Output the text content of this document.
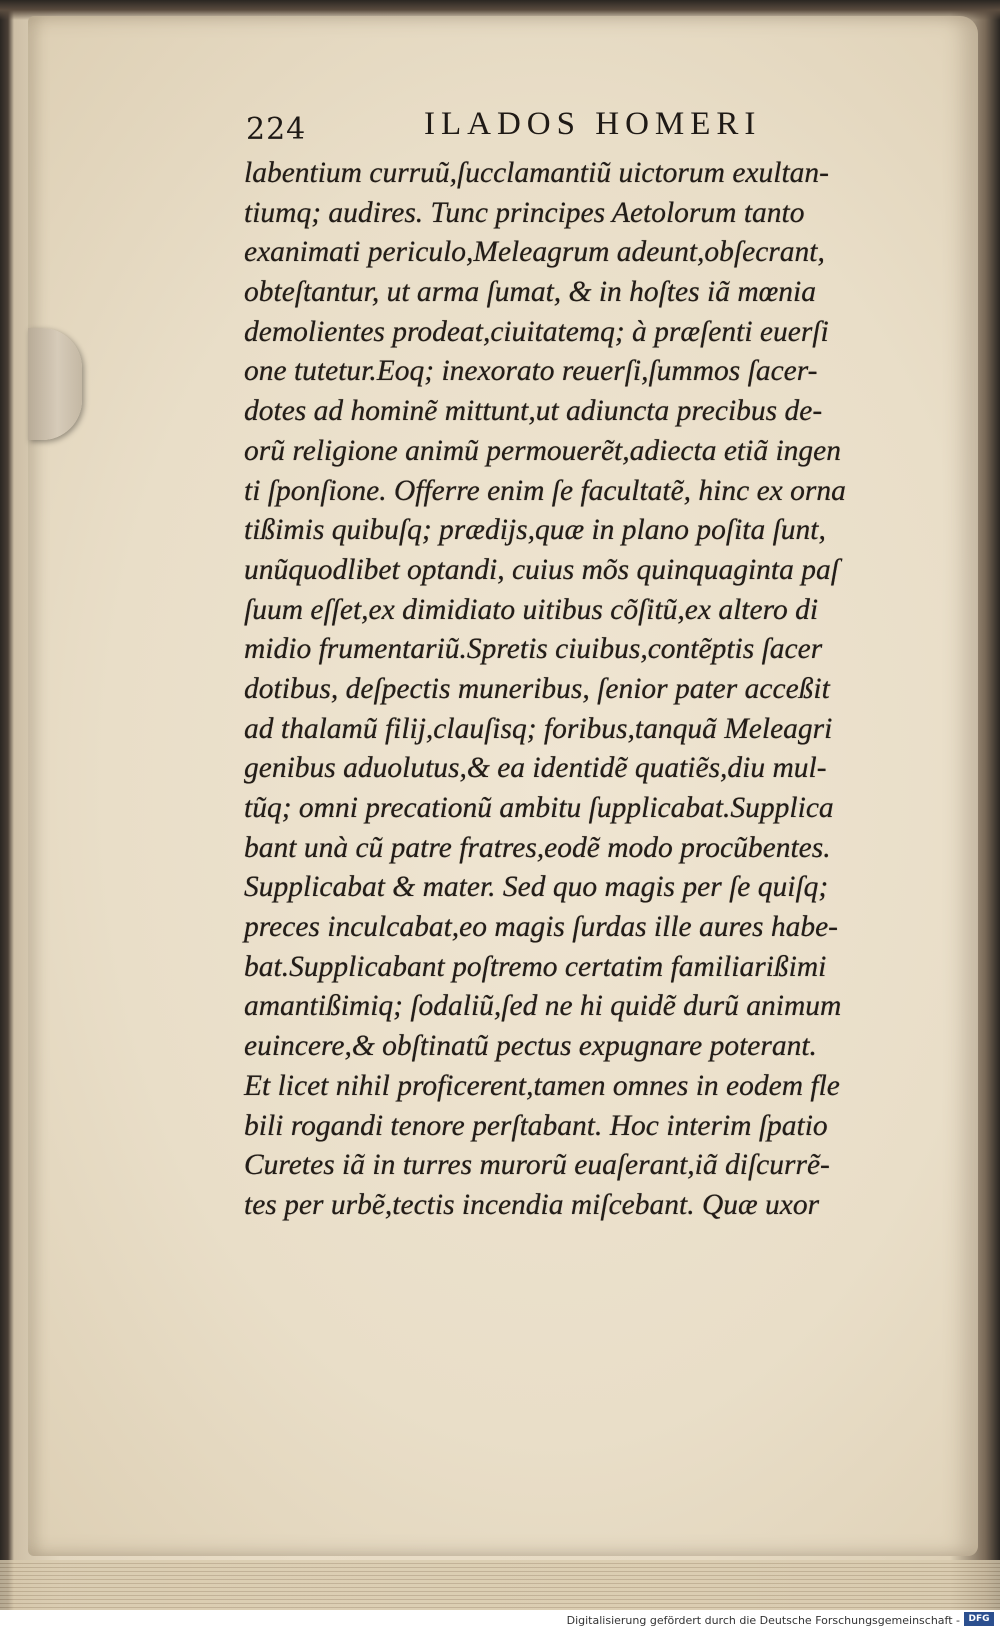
224	ILADOS HOMERI
labentium curruũ,ſucclamantiũ uictorum exultan-
tiumq; audires. Tunc principes Aetolorum tanto
exanimati periculo,Meleagrum adeunt,obſecrant,
obteſtantur, ut arma ſumat, & in hoſtes iã mœnia
demolientes prodeat,ciuitatemq; à præſenti euerſi
one tutetur.Eoq; inexorato reuerſi,ſummos ſacer-
dotes ad hominẽ mittunt,ut adiuncta precibus de-
orũ religione animũ permouerẽt,adiecta etiã ingen
ti ſponſione. Offerre enim ſe facultatẽ, hinc ex orna
tißimis quibuſq; prædijs,quæ in plano poſita ſunt,
unũquodlibet optandi, cuius mõs quinquaginta paſ
ſuum eſſet,ex dimidiato uitibus cõſitũ,ex altero di
midio frumentariũ.Spretis ciuibus,contẽptis ſacer
dotibus, deſpectis muneribus, ſenior pater acceßit
ad thalamũ filij,clauſisq; foribus,tanquã Meleagri
genibus aduolutus,& ea identidẽ quatiẽs,diu mul-
tũq; omni precationũ ambitu ſupplicabat.Supplica
bant unà cũ patre fratres,eodẽ modo procũbentes.
Supplicabat & mater. Sed quo magis per ſe quiſq;
preces inculcabat,eo magis ſurdas ille aures habe-
bat.Supplicabant poſtremo certatim familiarißimi
amantißimiq; ſodaliũ,ſed ne hi quidẽ durũ animum
euincere,& obſtinatũ pectus expugnare poterant.
Et licet nihil proficerent,tamen omnes in eodem fle
bili rogandi tenore perſtabant. Hoc interim ſpatio
Curetes iã in turres murorũ euaſerant,iã diſcurrẽ-
tes per urbẽ,tectis incendia miſcebant. Quæ uxor
Digitalisierung gefördert durch die Deutsche Forschungsgemeinschaft - DFG
